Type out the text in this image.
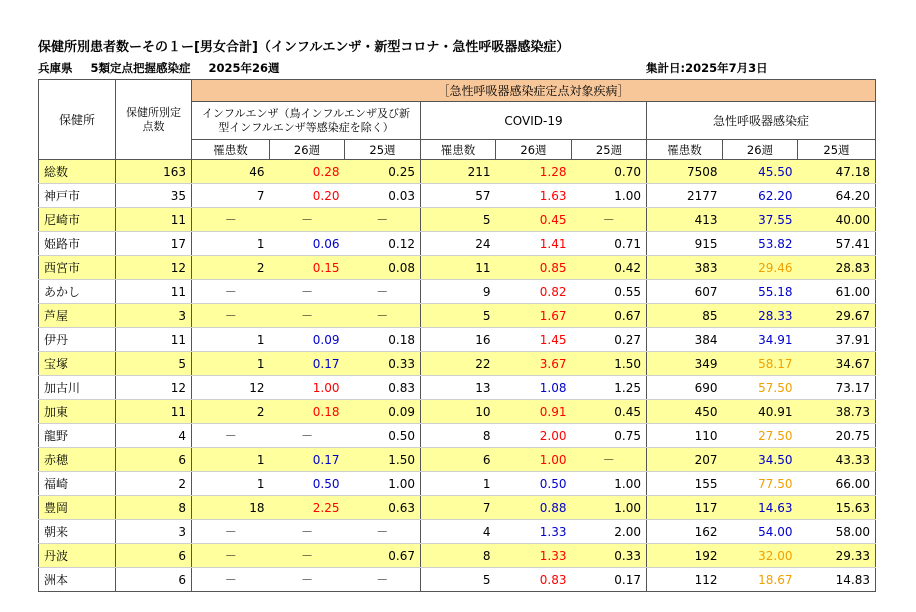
保健所別患者数ーその１ー[男女合計]（インフルエンザ・新型コロナ・急性呼吸器感染症）
兵庫県 5類定点把握感染症 2025年26週	集計日:2025年7月3日
保健所	保健所別定点数	［急性呼吸器感染症定点対象疾病］								
		インフルエンザ（鳥インフルエンザ及び新型インフルエンザ等感染症を除く）			COVID-19			急性呼吸器感染症		
		罹患数	26週	25週	罹患数	26週	25週	罹患数	26週	25週
総数	163	46	0.28	0.25	211	1.28	0.70	7508	45.50	47.18
神戸市	35	7	0.20	0.03	57	1.63	1.00	2177	62.20	64.20
尼崎市	11	－	－	－	5	0.45	－	413	37.55	40.00
姫路市	17	1	0.06	0.12	24	1.41	0.71	915	53.82	57.41
西宮市	12	2	0.15	0.08	11	0.85	0.42	383	29.46	28.83
あかし	11	－	－	－	9	0.82	0.55	607	55.18	61.00
芦屋	3	－	－	－	5	1.67	0.67	85	28.33	29.67
伊丹	11	1	0.09	0.18	16	1.45	0.27	384	34.91	37.91
宝塚	5	1	0.17	0.33	22	3.67	1.50	349	58.17	34.67
加古川	12	12	1.00	0.83	13	1.08	1.25	690	57.50	73.17
加東	11	2	0.18	0.09	10	0.91	0.45	450	40.91	38.73
龍野	4	－	－	0.50	8	2.00	0.75	110	27.50	20.75
赤穂	6	1	0.17	1.50	6	1.00	－	207	34.50	43.33
福崎	2	1	0.50	1.00	1	0.50	1.00	155	77.50	66.00
豊岡	8	18	2.25	0.63	7	0.88	1.00	117	14.63	15.63
朝来	3	－	－	－	4	1.33	2.00	162	54.00	58.00
丹波	6	－	－	0.67	8	1.33	0.33	192	32.00	29.33
洲本	6	－	－	－	5	0.83	0.17	112	18.67	14.83
